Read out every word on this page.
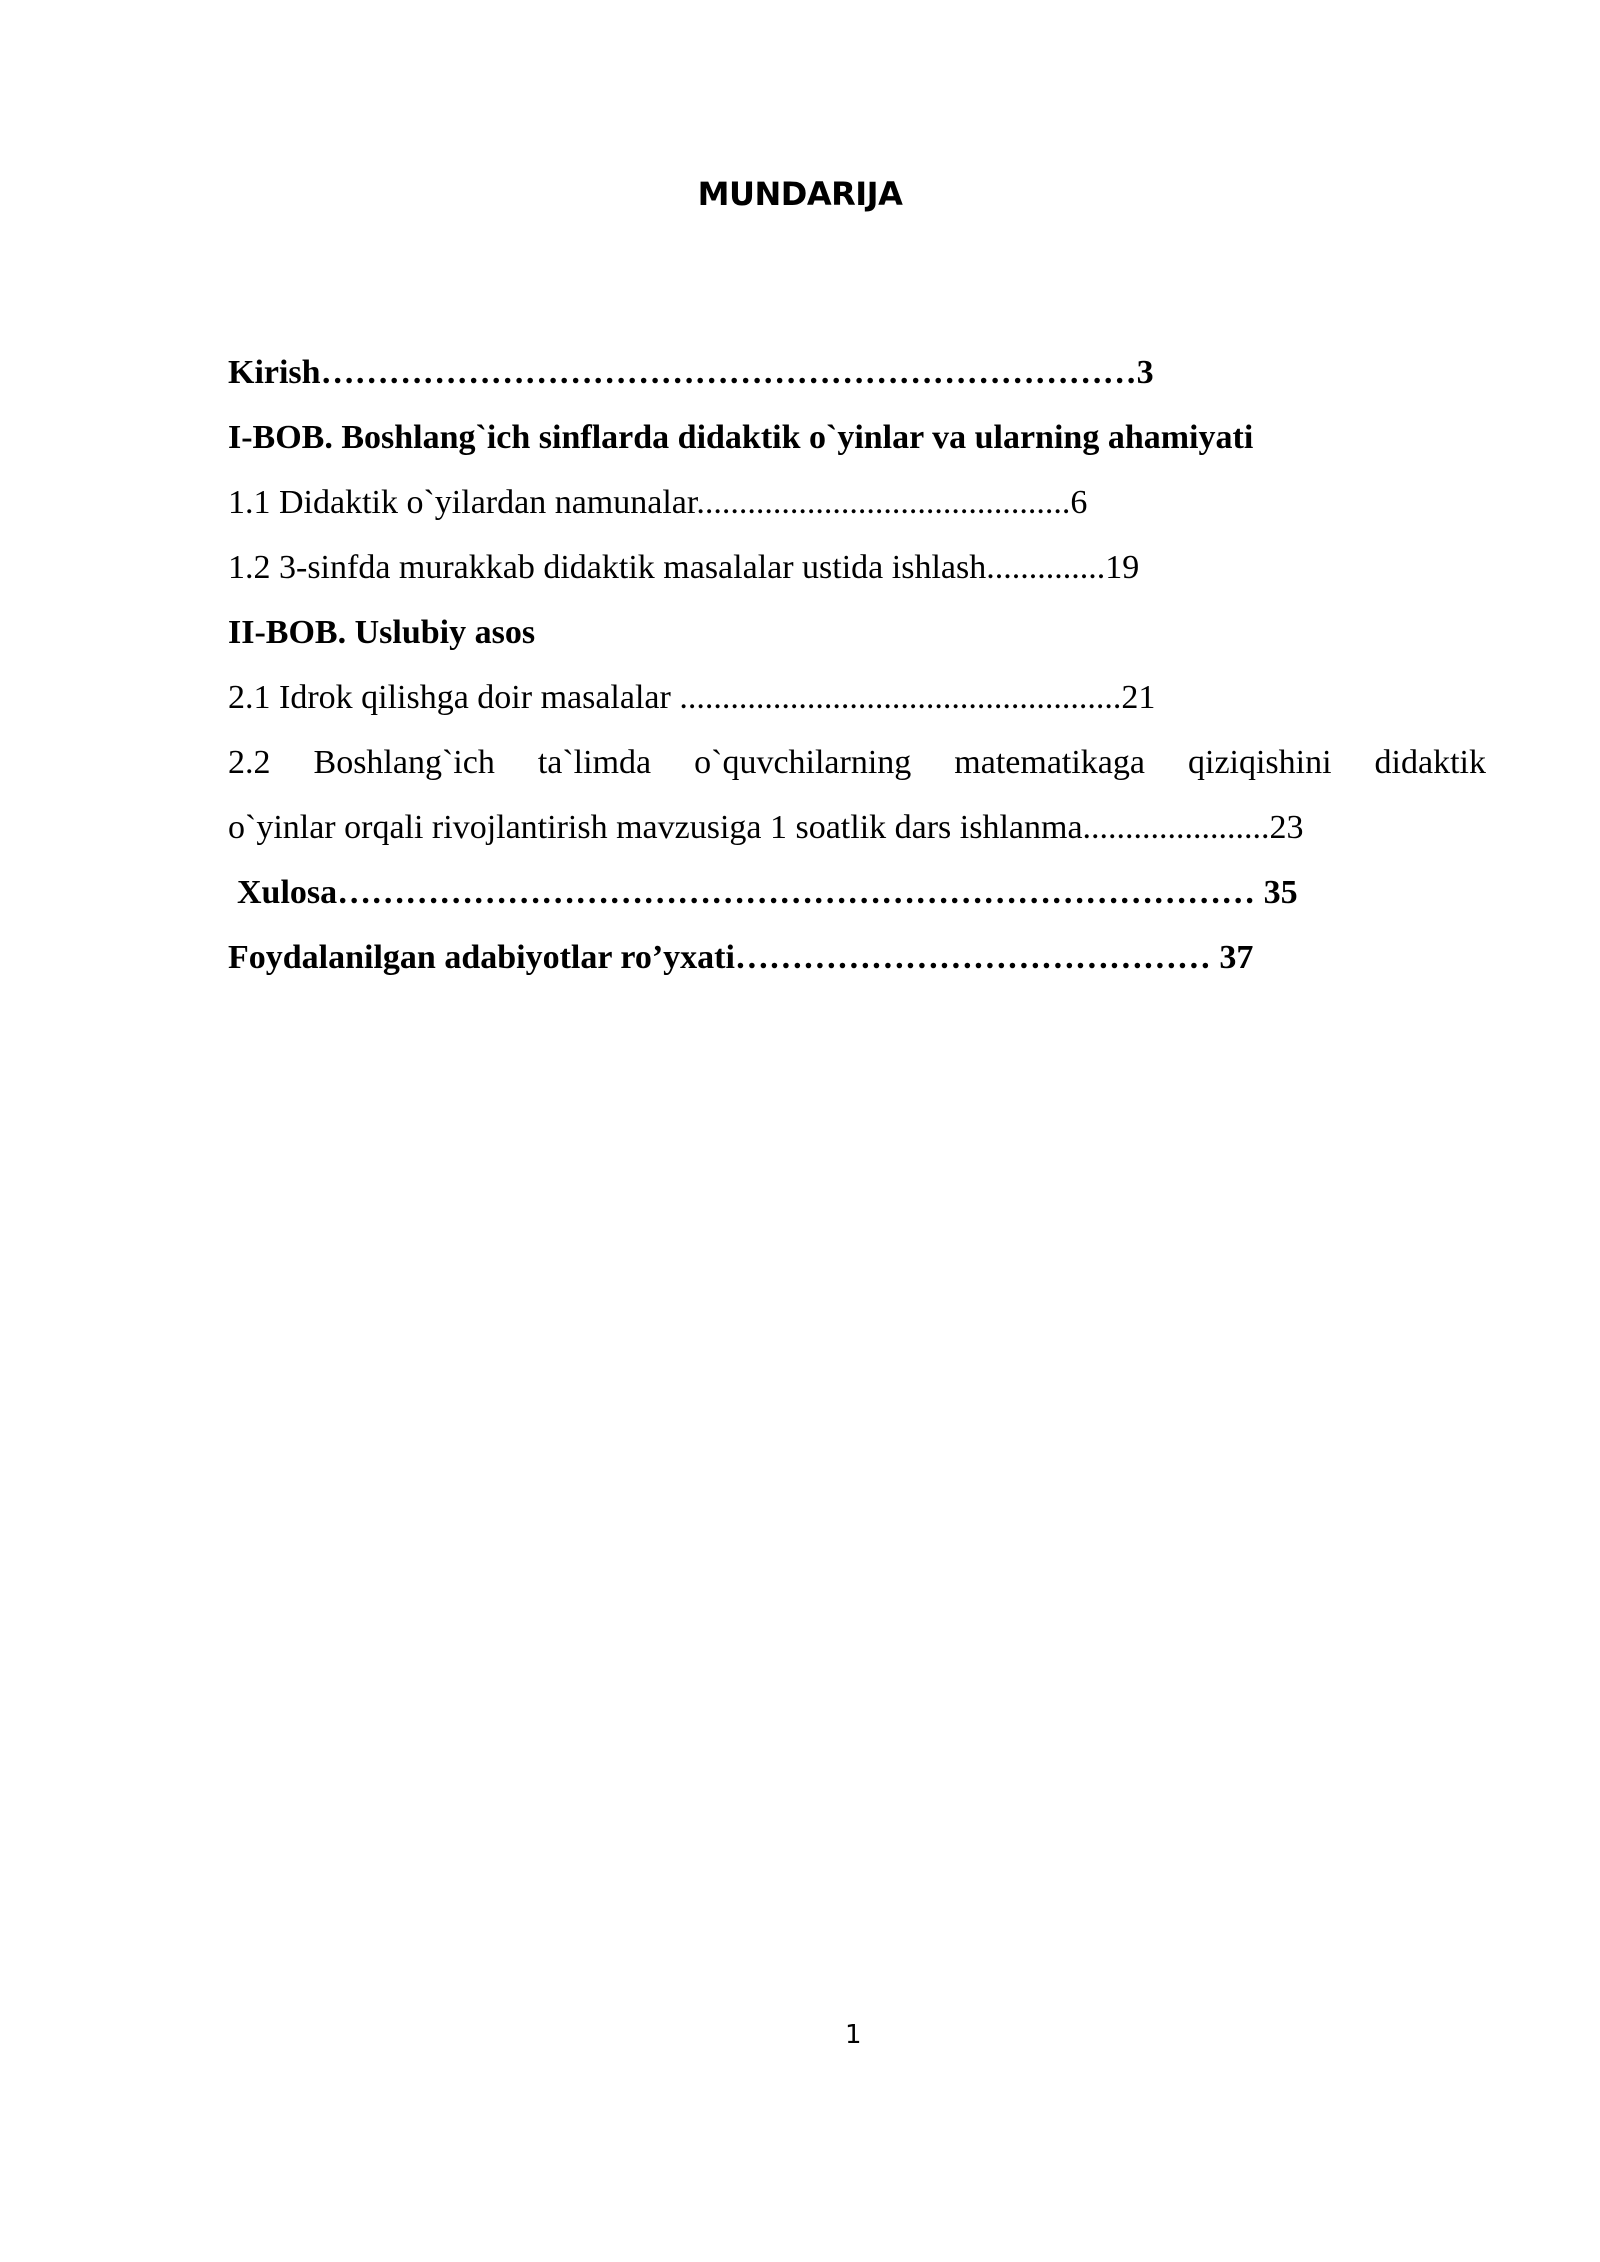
MUNDARIJA
Kirish………………………………………………………………3
I-BOB. Boshlang`ich sinflarda didaktik o`yinlar va ularning ahamiyati
1.1 Didaktik o`yilardan namunalar............................................6
1.2 3-sinfda murakkab didaktik masalalar ustida ishlash..............19
II-BOB. Uslubiy asos
2.1 Idrok qilishga doir masalalar ....................................................21
2.2 Boshlang`ich ta`limda o`quvchilarning matematikaga qiziqishini didaktik
o`yinlar orqali rivojlantirish mavzusiga 1 soatlik dars ishlanma......................23
Xulosa……………………………………………………………………… 35
Foydalanilgan adabiyotlar ro’yxati…………………………………… 37
1
